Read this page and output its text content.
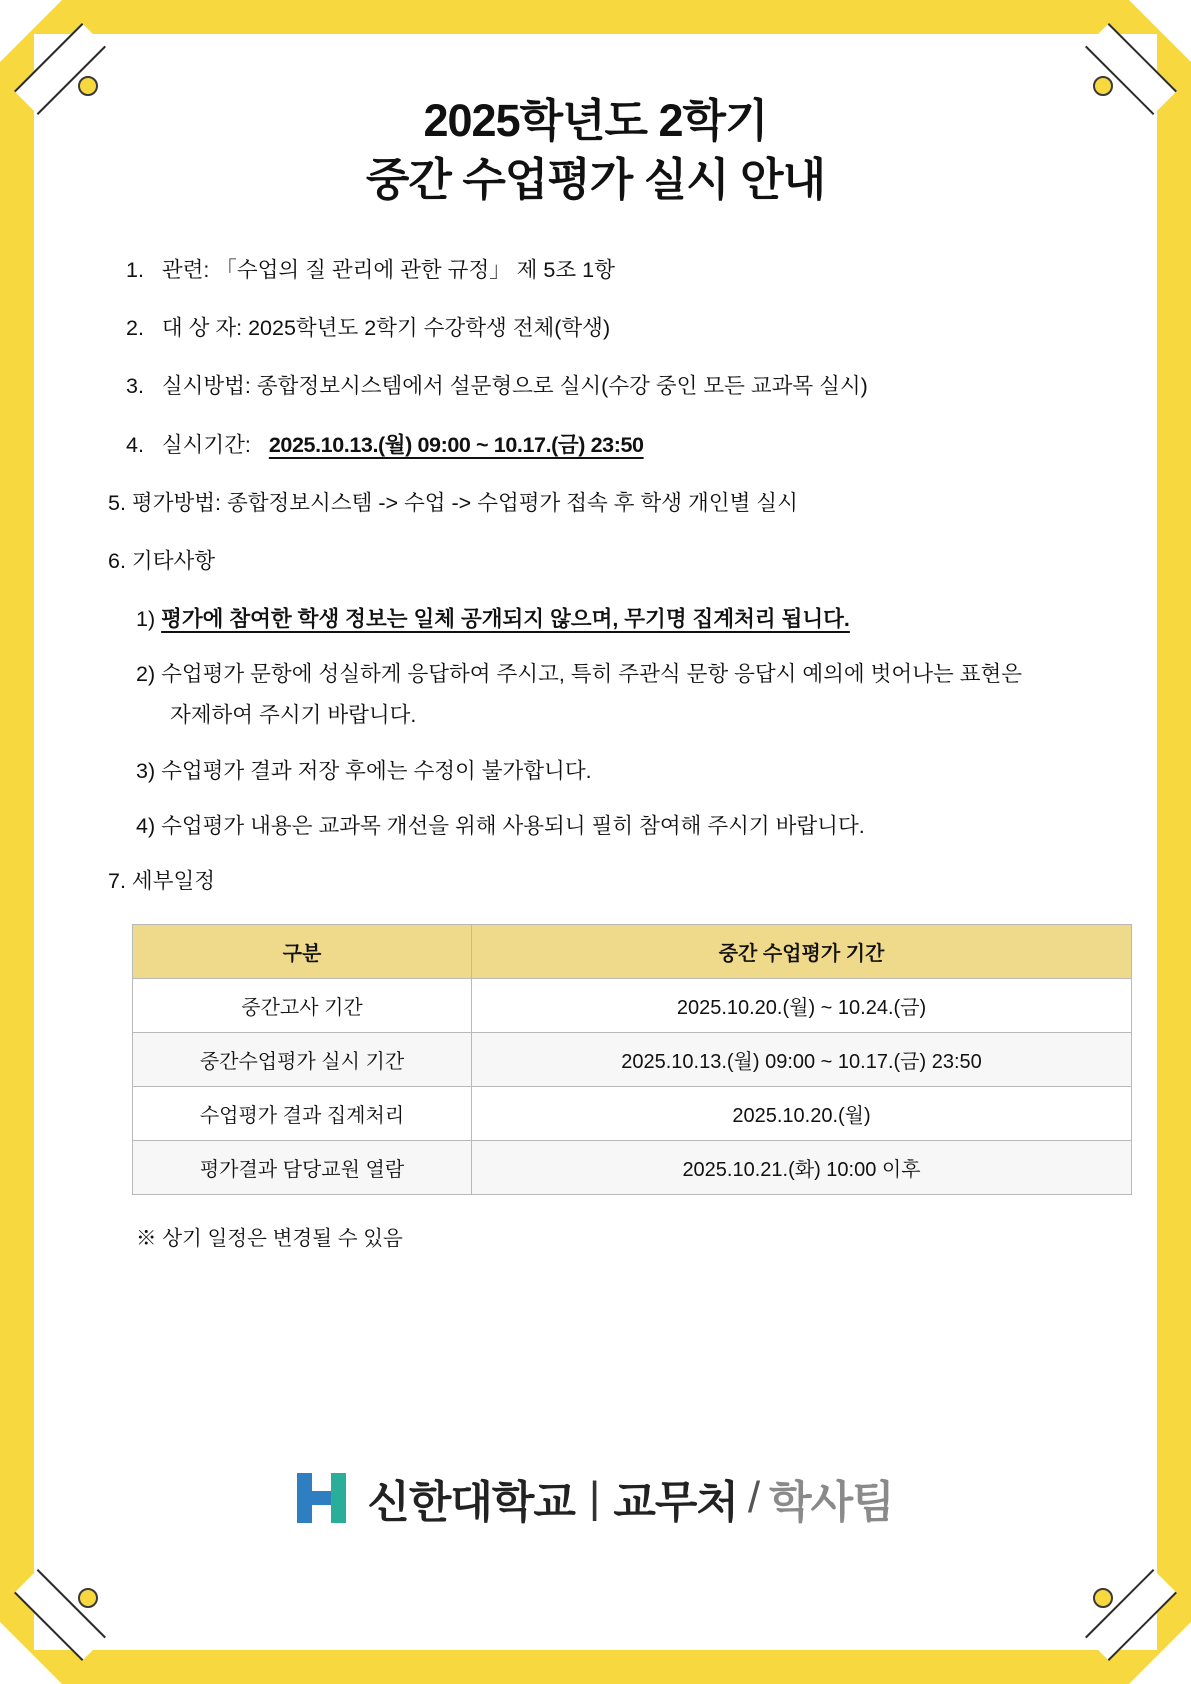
2025학년도 2학기
중간 수업평가 실시 안내
1. 관련: 「수업의 질 관리에 관한 규정」 제 5조 1항
2. 대 상 자: 2025학년도 2학기 수강학생 전체(학생)
3. 실시방법: 종합정보시스템에서 설문형으로 실시(수강 중인 모든 교과목 실시)
4. 실시기간: 2025.10.13.(월) 09:00 ~ 10.17.(금) 23:50
5. 평가방법: 종합정보시스템 -> 수업 -> 수업평가 접속 후 학생 개인별 실시
6. 기타사항
1) 평가에 참여한 학생 정보는 일체 공개되지 않으며, 무기명 집계처리 됩니다.
2) 수업평가 문항에 성실하게 응답하여 주시고, 특히 주관식 문항 응답시 예의에 벗어나는 표현은
자제하여 주시기 바랍니다.
3) 수업평가 결과 저장 후에는 수정이 불가합니다.
4) 수업평가 내용은 교과목 개선을 위해 사용되니 필히 참여해 주시기 바랍니다.
7. 세부일정
구분	중간 수업평가 기간
중간고사 기간	2025.10.20.(월) ~ 10.24.(금)
중간수업평가 실시 기간	2025.10.13.(월) 09:00 ~ 10.17.(금) 23:50
수업평가 결과 집계처리	2025.10.20.(월)
평가결과 담당교원 열람	2025.10.21.(화) 10:00 이후
※ 상기 일정은 변경될 수 있음
신한대학교 | 교무처 / 학사팀
